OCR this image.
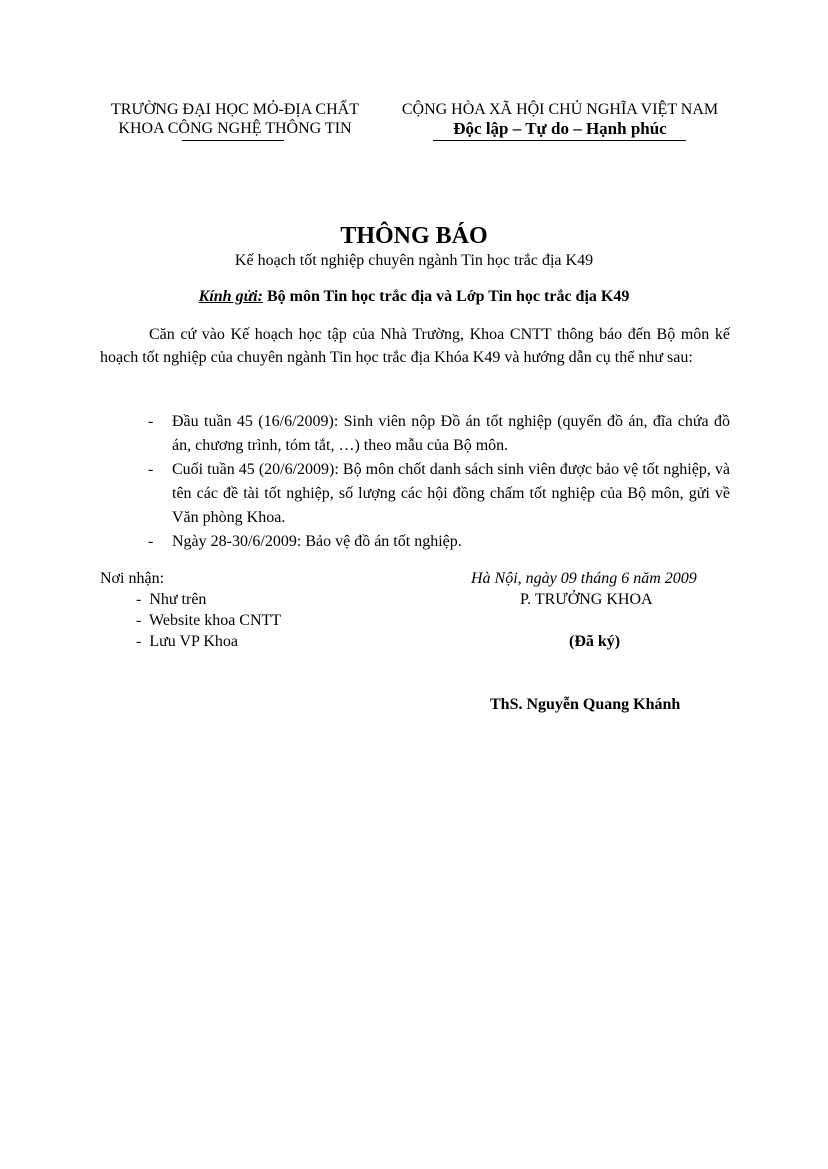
TRƯỜNG ĐẠI HỌC MỎ-ĐỊA CHẤT
KHOA CÔNG NGHỆ THÔNG TIN
CỘNG HÒA XÃ HỘI CHỦ NGHĨA VIỆT NAM
Độc lập – Tự do – Hạnh phúc
THÔNG BÁO
Kế hoạch tốt nghiệp chuyên ngành Tin học trắc địa K49
Kính gửi: Bộ môn Tin học trắc địa và Lớp Tin học trắc địa K49
Căn cứ vào Kế hoạch học tập của Nhà Trường, Khoa CNTT thông báo đến Bộ môn kế hoạch tốt nghiệp của chuyên ngành Tin học trắc địa Khóa K49 và hướng dẫn cụ thể như sau:
-	Đầu tuần 45 (16/6/2009): Sinh viên nộp Đồ án tốt nghiệp (quyển đồ án, đĩa chứa đồ án, chương trình, tóm tắt, …) theo mẫu của Bộ môn.
-	Cuối tuần 45 (20/6/2009): Bộ môn chốt danh sách sinh viên được bảo vệ tốt nghiệp, và tên các đề tài tốt nghiệp, số lượng các hội đồng chấm tốt nghiệp của Bộ môn, gửi về Văn phòng Khoa.
-	Ngày 28-30/6/2009: Bảo vệ đồ án tốt nghiệp.
Nơi nhận:
- Như trên
- Website khoa CNTT
- Lưu VP Khoa
Hà Nội, ngày 09 tháng 6 năm 2009
P. TRƯỞNG KHOA
(Đã ký)
ThS. Nguyễn Quang Khánh
